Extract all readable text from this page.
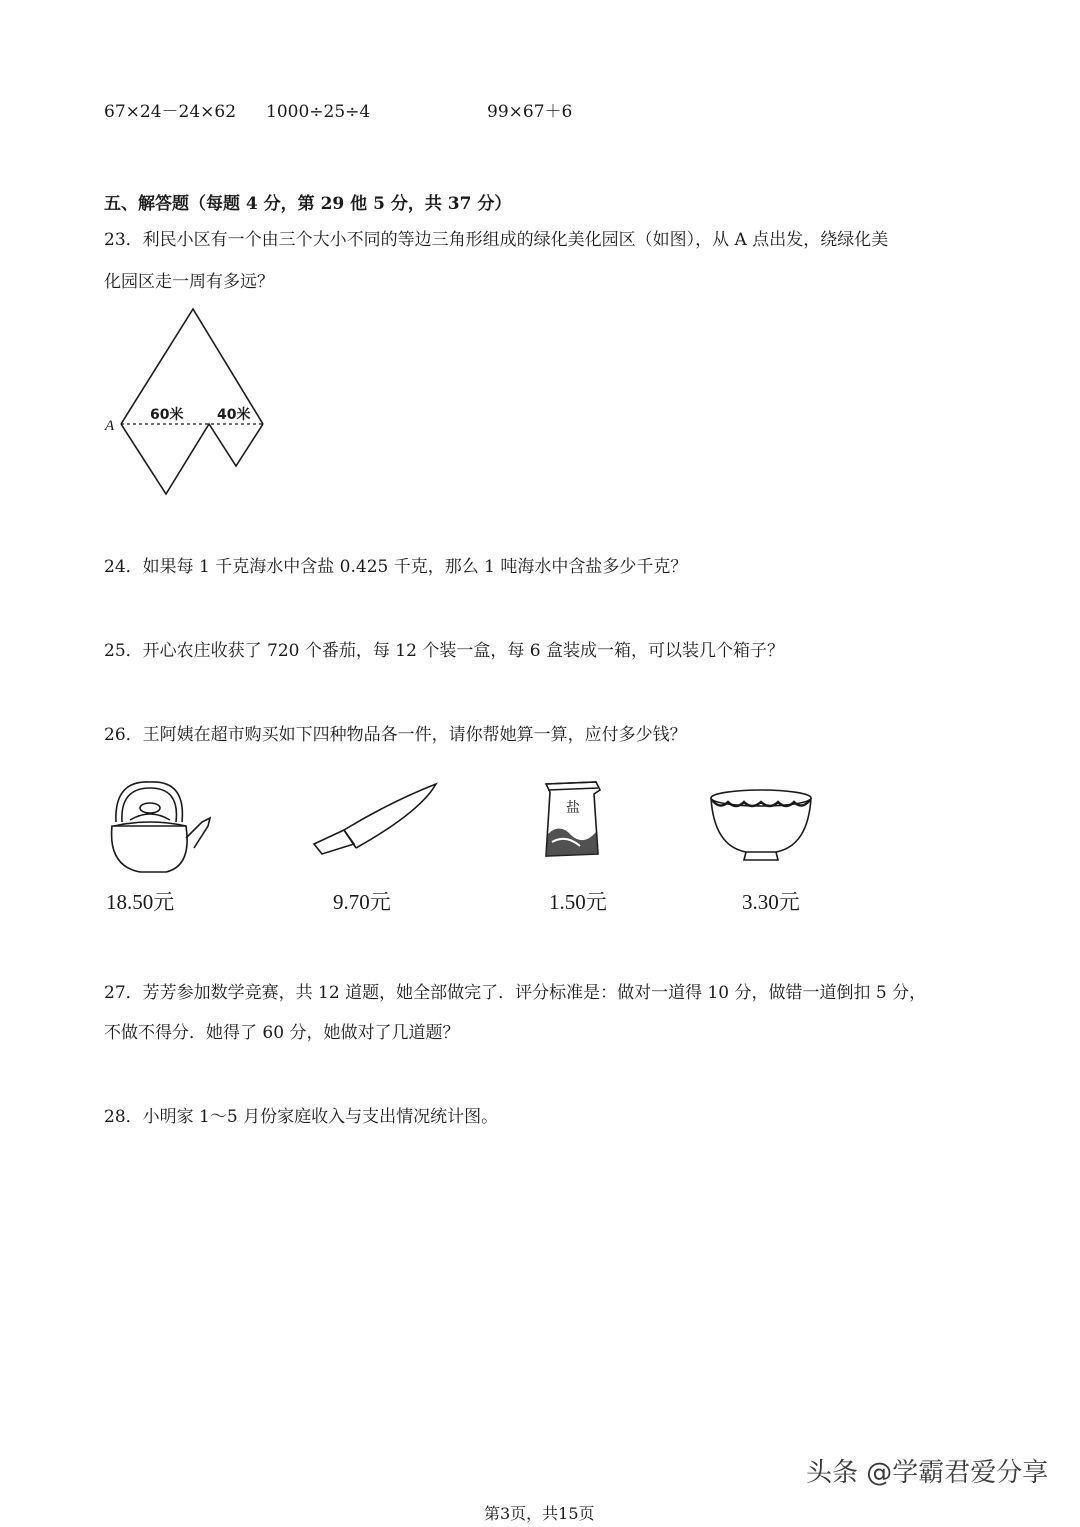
67×24－24×62 1000÷25÷4	99×67＋6
五、解答题（每题 4 分，第 29 他 5 分，共 37 分）
23．利民小区有一个由三个大小不同的等边三角形组成的绿化美化园区（如图），从 A 点出发，绕绿化美
化园区走一周有多远？
A
60米 40米
24．如果每 1 千克海水中含盐 0.425 千克，那么 1 吨海水中含盐多少千克？
25．开心农庄收获了 720 个番茄，每 12 个装一盒，每 6 盒装成一箱，可以装几个箱子？
26．王阿姨在超市购买如下四种物品各一件，请你帮她算一算，应付多少钱？
18.50元	9.70元
盐
1.50元	3.30元
27．芳芳参加数学竞赛，共 12 道题，她全部做完了．评分标准是：做对一道得 10 分，做错一道倒扣 5 分，
不做不得分．她得了 60 分，她做对了几道题？
28．小明家 1～5 月份家庭收入与支出情况统计图。
头条 @学霸君爱分享
第3页，共15页
